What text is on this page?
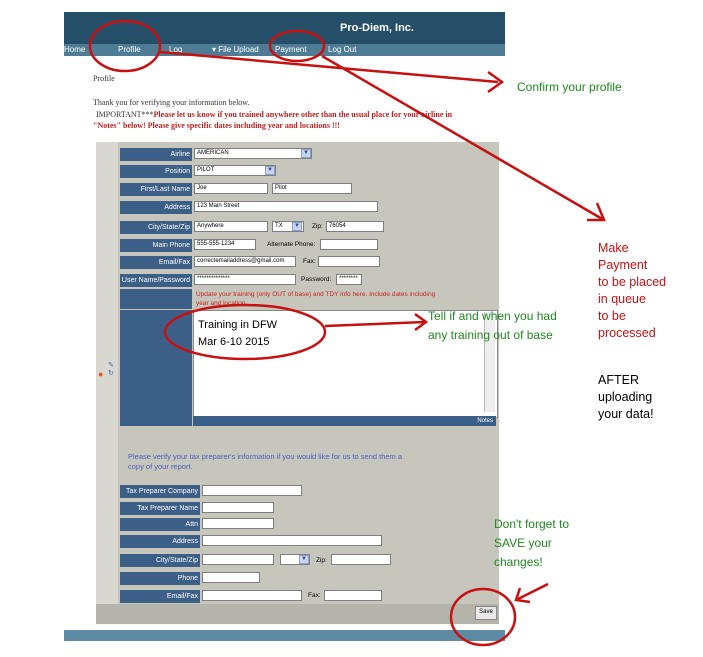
Pro-Diem, Inc.
Home	Profile	Log	▾ File Upload Payment	Log Out
Profile
Thank you for verifying your information below.
IMPORTANT***Please let us know if you trained anywhere other than the usual place for your airline in
"Notes" below! Please give specific dates including year and locations !!!
●
✎
↻
Airline	AMERICAN	▼
Position	PILOT	▼
First/Last Name	Joe	Pilot
Address	123 Main Street
City/State/Zip	Anywhere	TX	▼	Zip:	76054
Main Phone	555-555-1234	Alternate Phone:
Email/Fax	correctemailaddress@gmail.com	Fax:
User Name/Password	**************	Password:	********
Update your training (only OUT of base) and TDY info here. Include dates including
year and location.
Training in DFW
Mar 6-10 2015
Notes
Please verify your tax preparer's information if you would like for us to send them a
copy of your report.
Tax Preparer Company
Tax Preparer Name
Attn
Address
City/State/Zip	▼	Zip:
Phone
Email/Fax	Fax:
Save
Confirm your profile
Make
Payment
to be placed
in queue
to be
processed
AFTER
uploading
your data!
Tell if and when you had
any training out of base
Don't forget to
SAVE your
changes!
